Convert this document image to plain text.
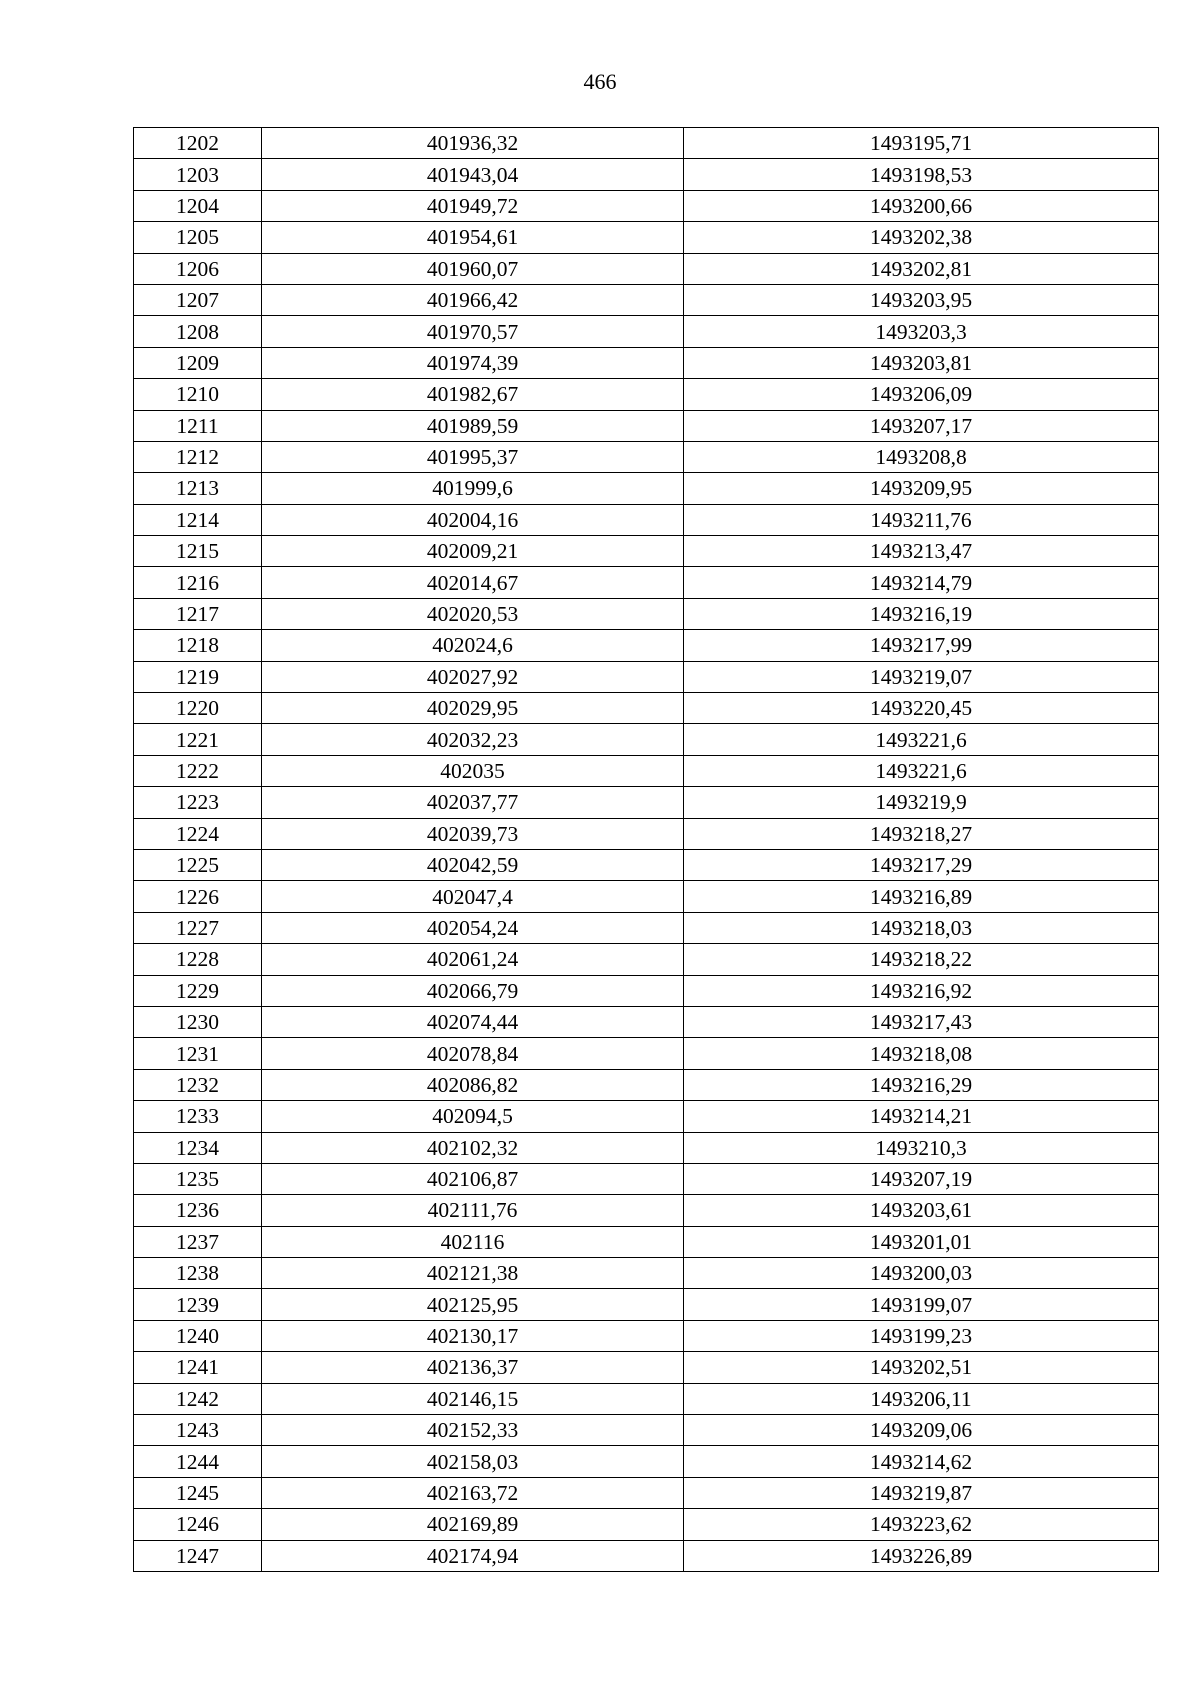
466
1202	401936,32	1493195,71
1203	401943,04	1493198,53
1204	401949,72	1493200,66
1205	401954,61	1493202,38
1206	401960,07	1493202,81
1207	401966,42	1493203,95
1208	401970,57	1493203,3
1209	401974,39	1493203,81
1210	401982,67	1493206,09
1211	401989,59	1493207,17
1212	401995,37	1493208,8
1213	401999,6	1493209,95
1214	402004,16	1493211,76
1215	402009,21	1493213,47
1216	402014,67	1493214,79
1217	402020,53	1493216,19
1218	402024,6	1493217,99
1219	402027,92	1493219,07
1220	402029,95	1493220,45
1221	402032,23	1493221,6
1222	402035	1493221,6
1223	402037,77	1493219,9
1224	402039,73	1493218,27
1225	402042,59	1493217,29
1226	402047,4	1493216,89
1227	402054,24	1493218,03
1228	402061,24	1493218,22
1229	402066,79	1493216,92
1230	402074,44	1493217,43
1231	402078,84	1493218,08
1232	402086,82	1493216,29
1233	402094,5	1493214,21
1234	402102,32	1493210,3
1235	402106,87	1493207,19
1236	402111,76	1493203,61
1237	402116	1493201,01
1238	402121,38	1493200,03
1239	402125,95	1493199,07
1240	402130,17	1493199,23
1241	402136,37	1493202,51
1242	402146,15	1493206,11
1243	402152,33	1493209,06
1244	402158,03	1493214,62
1245	402163,72	1493219,87
1246	402169,89	1493223,62
1247	402174,94	1493226,89
